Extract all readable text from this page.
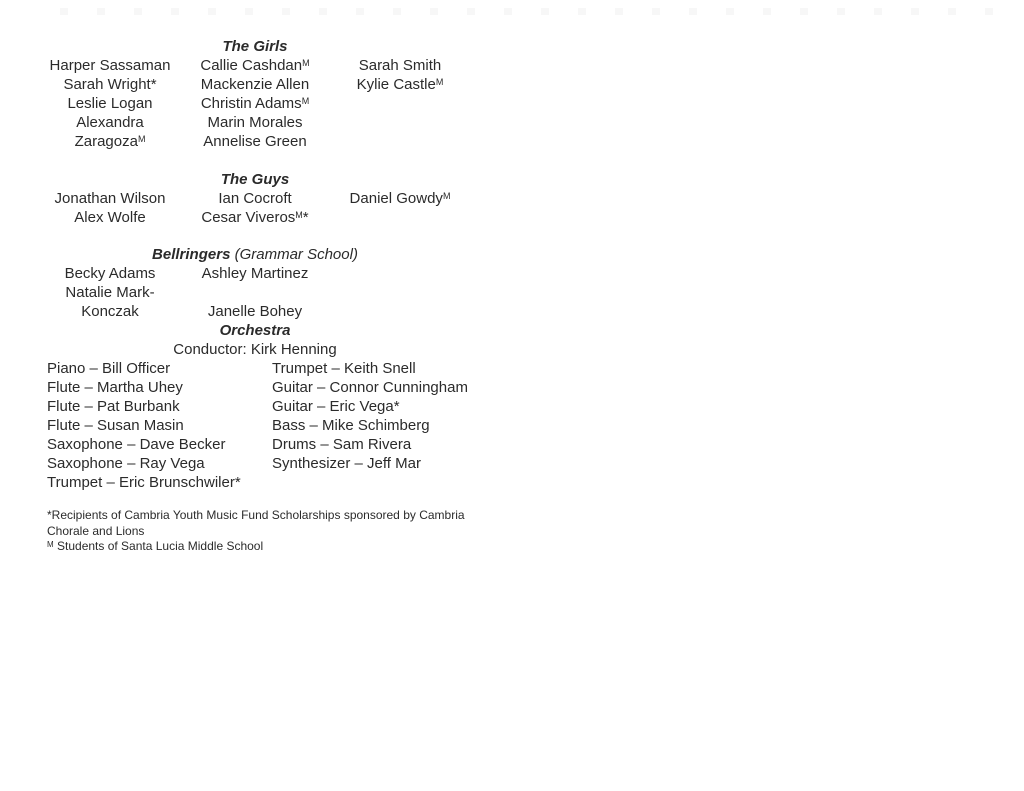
The Girls
Harper Sassaman
Sarah Wright*
Leslie Logan
Alexandra
Zaragoza$^M$
Callie Cashdan$^M$
Mackenzie Allen
Christin Adams$^M$
Marin Morales
Annelise Green
Sarah Smith
Kylie Castle$^M$
The Guys
Jonathan Wilson
Alex Wolfe
Ian Cocroft
Cesar Viveros$^M$*
Daniel Gowdy$^M$
Bellringers (Grammar School)
Becky Adams
Natalie Mark-
Konczak
Ashley Martinez
Janelle Bohey
Orchestra
Conductor: Kirk Henning
Piano – Bill Officer
Flute – Martha Uhey
Flute – Pat Burbank
Flute – Susan Masin
Saxophone – Dave Becker
Saxophone – Ray Vega
Trumpet – Eric Brunschwiler*
Trumpet – Keith Snell
Guitar – Connor Cunningham
Guitar – Eric Vega*
Bass – Mike Schimberg
Drums – Sam Rivera
Synthesizer – Jeff Mar
*Recipients of Cambria Youth Music Fund Scholarships sponsored by Cambria
Chorale and Lions
$^M$ Students of Santa Lucia Middle School
